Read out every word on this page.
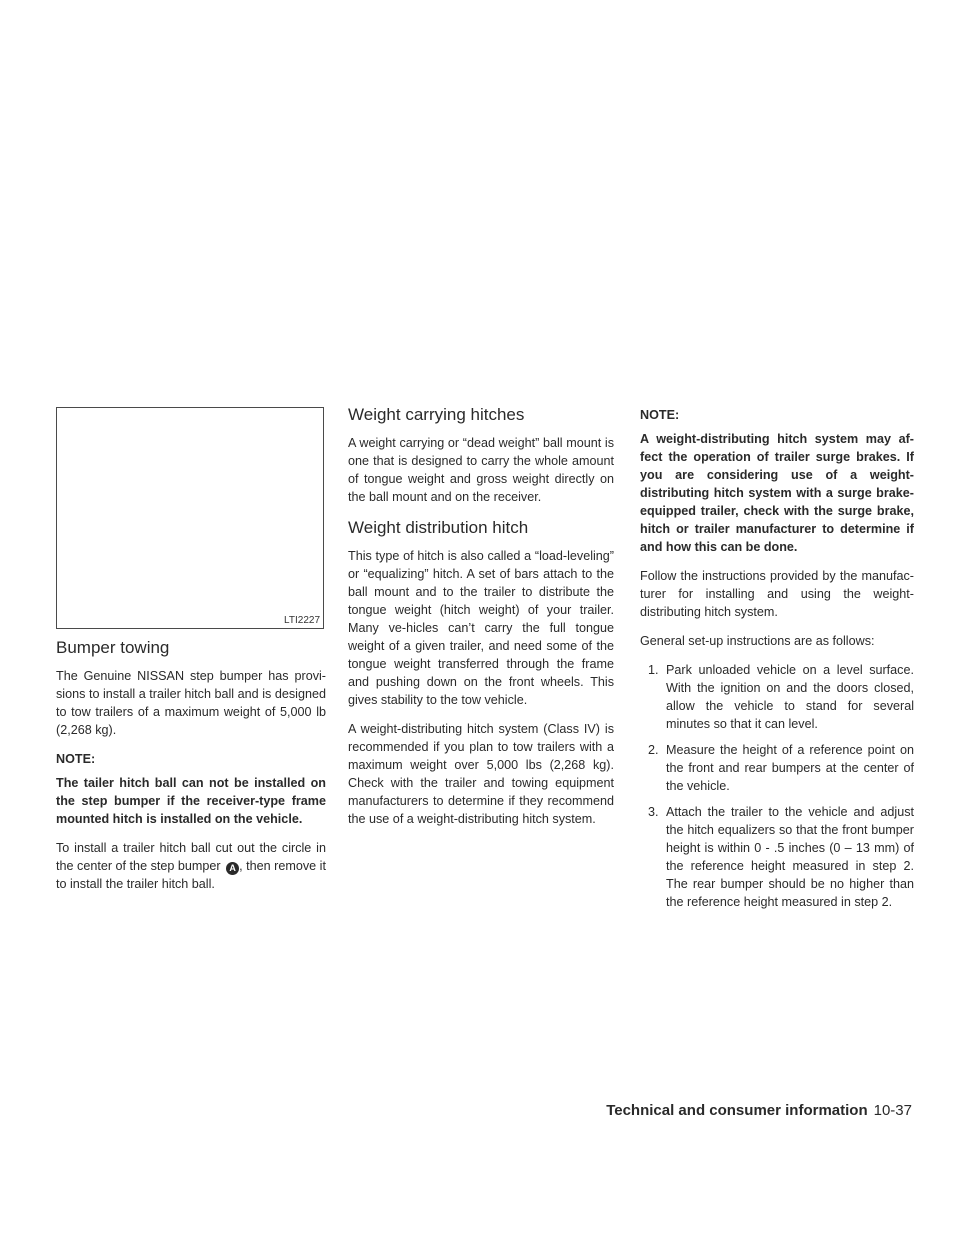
LTI2227
Bumper towing

The Genuine NISSAN step bumper has provi-sions to install a trailer hitch ball and is designed to tow trailers of a maximum weight of 5,000 lb (2,268 kg).

NOTE:

The tailer hitch ball can not be installed on the step bumper if the receiver-type frame mounted hitch is installed on the vehicle.

To install a trailer hitch ball cut out the circle in the center of the step bumper A , then remove it to install the trailer hitch ball.

Weight carrying hitches

A weight carrying or “dead weight” ball mount is one that is designed to carry the whole amount of tongue weight and gross weight directly on the ball mount and on the receiver.

Weight distribution hitch

This type of hitch is also called a “load-leveling” or “equalizing” hitch. A set of bars attach to the ball mount and to the trailer to distribute the tongue weight (hitch weight) of your trailer. Many ve-hicles can’t carry the full tongue weight of a given trailer, and need some of the tongue weight transferred through the frame and pushing down on the front wheels. This gives stability to the tow vehicle.

A weight-distributing hitch system (Class IV) is recommended if you plan to tow trailers with a maximum weight over 5,000 lbs (2,268 kg). Check with the trailer and towing equipment manufacturers to determine if they recommend the use of a weight-distributing hitch system.

NOTE:

A weight-distributing hitch system may af-fect the operation of trailer surge brakes. If you are considering use of a weight-distributing hitch system with a surge brake-equipped trailer, check with the surge brake, hitch or trailer manufacturer to determine if and how this can be done.

Follow the instructions provided by the manufac-turer for installing and using the weight-distributing hitch system.

General set-up instructions are as follows:

1. Park unloaded vehicle on a level surface. With the ignition on and the doors closed, allow the vehicle to stand for several minutes so that it can level.
2. Measure the height of a reference point on the front and rear bumpers at the center of the vehicle.
3. Attach the trailer to the vehicle and adjust the hitch equalizers so that the front bumper height is within 0 - .5 inches (0 – 13 mm) of the reference height measured in step 2. The rear bumper should be no higher than the reference height measured in step 2.
Technical and consumer information 10-37
